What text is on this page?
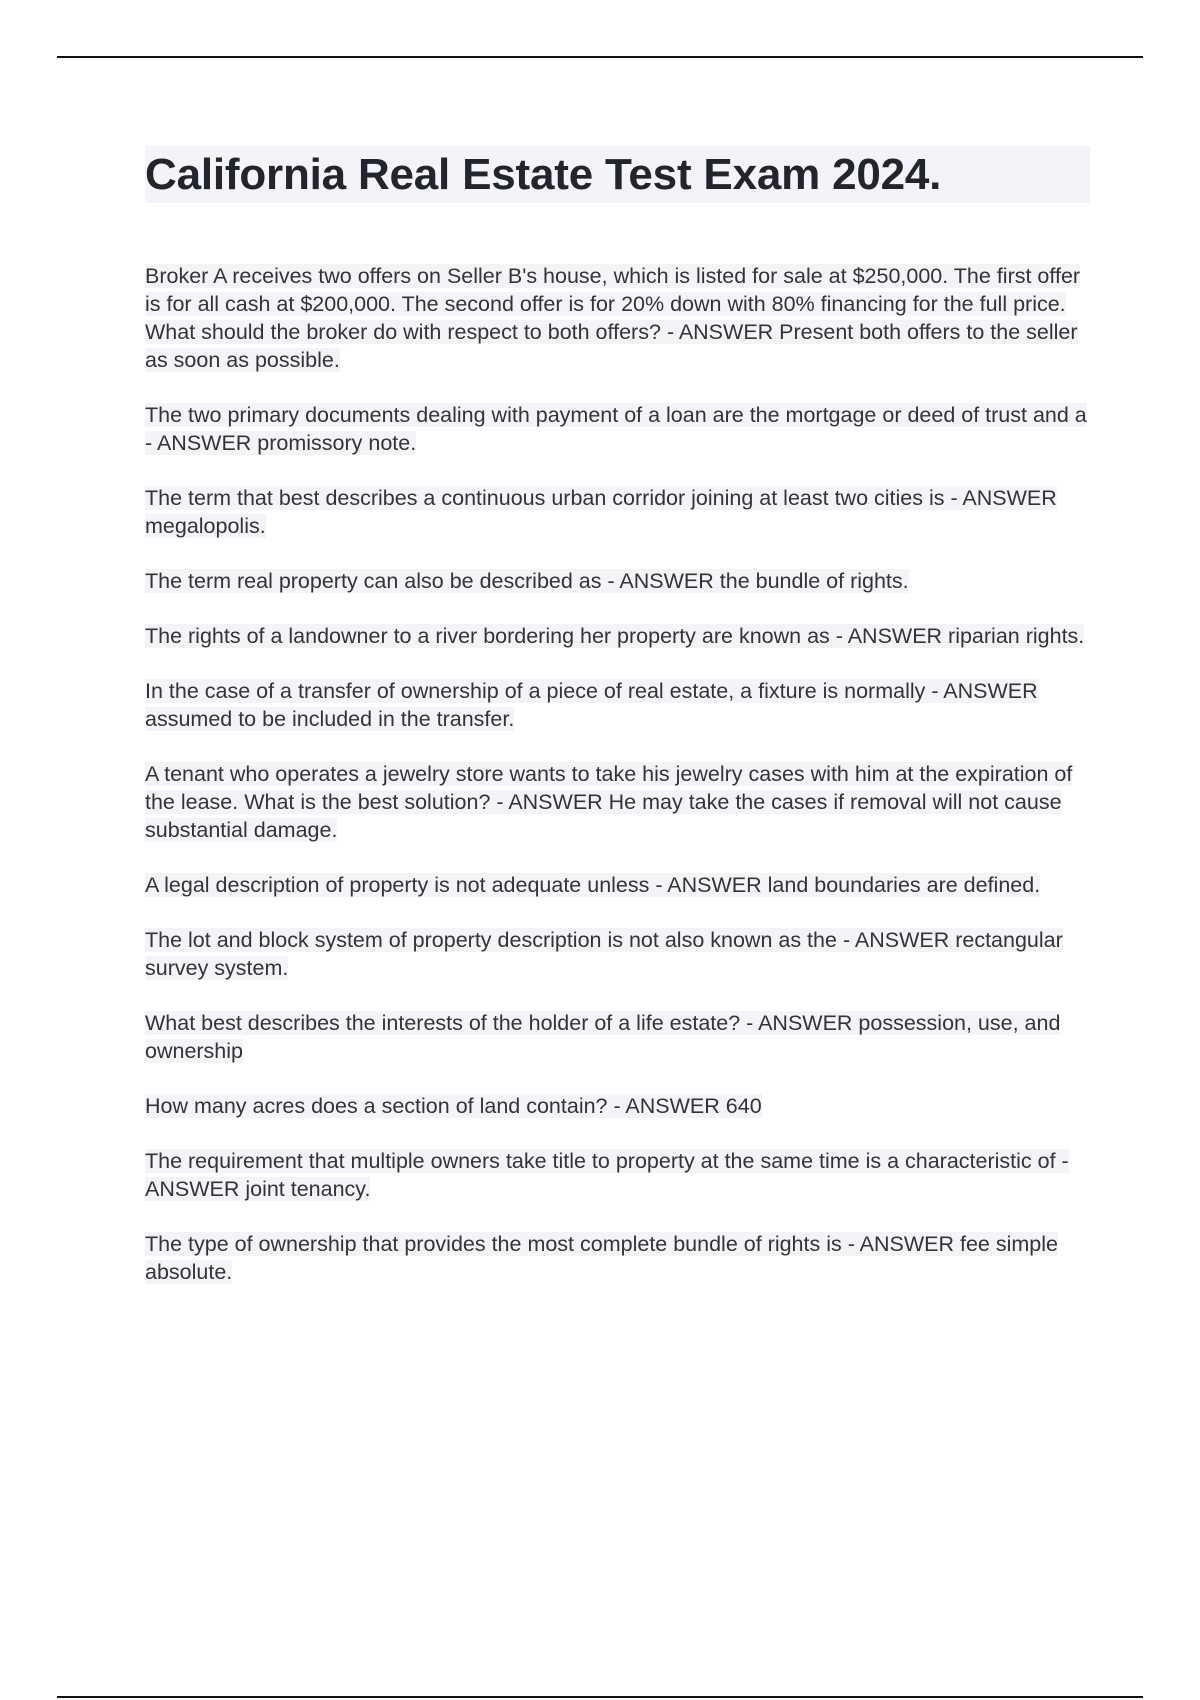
California Real Estate Test Exam 2024.

Broker A receives two offers on Seller B's house, which is listed for sale at $250,000. The first offer is for all cash at $200,000. The second offer is for 20% down with 80% financing for the full price. What should the broker do with respect to both offers? - ANSWER Present both offers to the seller as soon as possible.

The two primary documents dealing with payment of a loan are the mortgage or deed of trust and a - ANSWER promissory note.

The term that best describes a continuous urban corridor joining at least two cities is - ANSWER megalopolis.

The term real property can also be described as - ANSWER the bundle of rights.

The rights of a landowner to a river bordering her property are known as - ANSWER riparian rights.

In the case of a transfer of ownership of a piece of real estate, a fixture is normally - ANSWER assumed to be included in the transfer.

A tenant who operates a jewelry store wants to take his jewelry cases with him at the expiration of the lease. What is the best solution? - ANSWER He may take the cases if removal will not cause substantial damage.

A legal description of property is not adequate unless - ANSWER land boundaries are defined.

The lot and block system of property description is not also known as the - ANSWER rectangular survey system.

What best describes the interests of the holder of a life estate? - ANSWER possession, use, and ownership

How many acres does a section of land contain? - ANSWER 640

The requirement that multiple owners take title to property at the same time is a characteristic of - ANSWER joint tenancy.

The type of ownership that provides the most complete bundle of rights is - ANSWER fee simple absolute.
